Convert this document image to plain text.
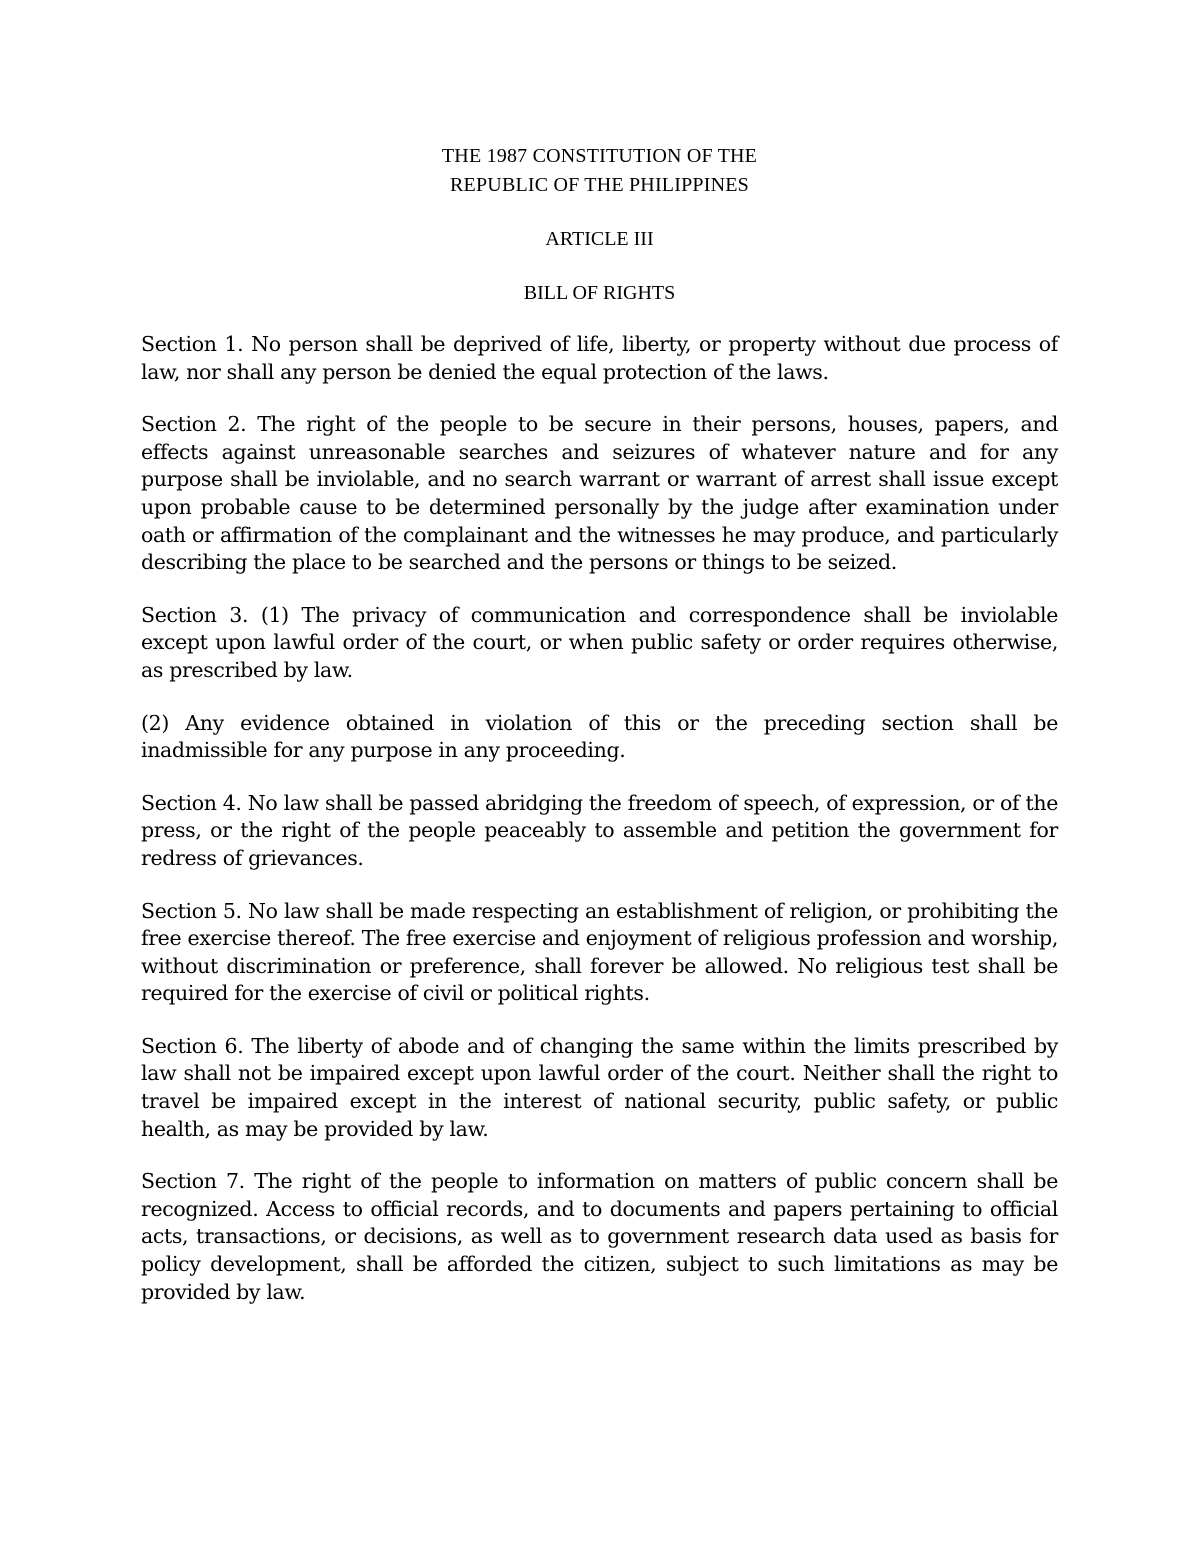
THE 1987 CONSTITUTION OF THE
REPUBLIC OF THE PHILIPPINES
ARTICLE III
BILL OF RIGHTS

Section 1. No person shall be deprived of life, liberty, or property without due process of law, nor shall any person be denied the equal protection of the laws.

Section 2. The right of the people to be secure in their persons, houses, papers, and effects against unreasonable searches and seizures of whatever nature and for any purpose shall be inviolable, and no search warrant or warrant of arrest shall issue except upon probable cause to be determined personally by the judge after examination under oath or affirmation of the complainant and the witnesses he may produce, and particularly describing the place to be searched and the persons or things to be seized.

Section 3. (1) The privacy of communication and correspondence shall be inviolable except upon lawful order of the court, or when public safety or order requires otherwise, as prescribed by law.

(2) Any evidence obtained in violation of this or the preceding section shall be inadmissible for any purpose in any proceeding.

Section 4. No law shall be passed abridging the freedom of speech, of expression, or of the press, or the right of the people peaceably to assemble and petition the government for redress of grievances.

Section 5. No law shall be made respecting an establishment of religion, or prohibiting the free exercise thereof. The free exercise and enjoyment of religious profession and worship, without discrimination or preference, shall forever be allowed. No religious test shall be required for the exercise of civil or political rights.

Section 6. The liberty of abode and of changing the same within the limits prescribed by law shall not be impaired except upon lawful order of the court. Neither shall the right to travel be impaired except in the interest of national security, public safety, or public health, as may be provided by law.

Section 7. The right of the people to information on matters of public concern shall be recognized. Access to official records, and to documents and papers pertaining to official acts, transactions, or decisions, as well as to government research data used as basis for policy development, shall be afforded the citizen, subject to such limitations as may be provided by law.
